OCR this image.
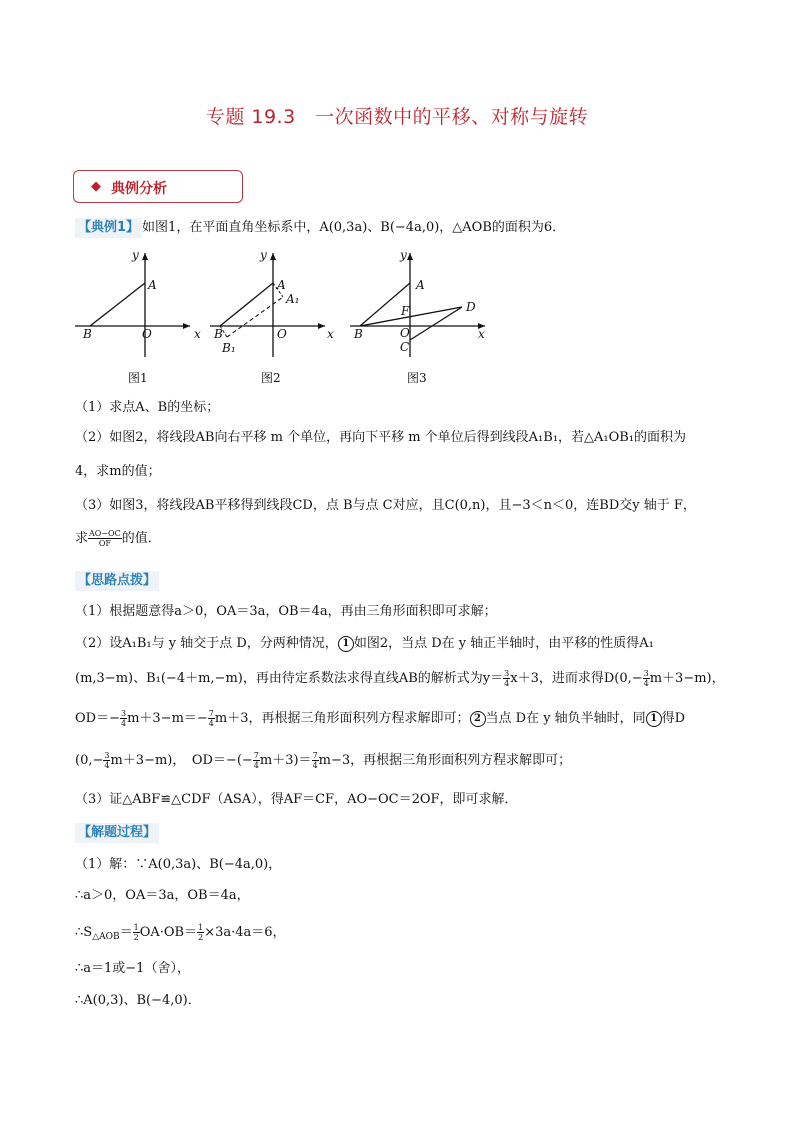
专题 19.3　一次函数中的平移、对称与旋转
◆ 典例分析
【典例1】 如图1，在平面直角坐标系中，A(0,3a)、B(−4a,0)，△AOB的面积为6．
y
x
A
B	O
图1
y
x
A
A₁
B
B₁
O
图2
y
x
A
F	D
B	O
C
图3
（1）求点A、B的坐标；
（2）如图2，将线段AB向右平移 m 个单位，再向下平移 m 个单位后得到线段A₁B₁，若△A₁OB₁的面积为
4，求m的值；
（3）如图3，将线段AB平移得到线段CD，点 B与点 C对应，且C(0,n)，且−3＜n＜0，连BD交y 轴于 F，
求 $\frac{AO-OC}{OF}$ 的值．
【思路点拨】
（1）根据题意得a＞0，OA＝3a，OB＝4a，再由三角形面积即可求解；
（2）设A₁B₁与 y 轴交于点 D，分两种情况， 1 如图2，当点 D在 y 轴正半轴时，由平移的性质得A₁
(m,3−m)、B₁(−4＋m,−m)，再由待定系数法求得直线AB的解析式为$y= \frac{3}{4} x+3$，进而求得$D(0,- \frac{3}{4} m+3-m)$，
$OD=- \frac{3}{4} m+3-m=- \frac{7}{4} m+3$，再根据三角形面积列方程求解即可； 2 当点 D在 y 轴负半轴时，同 1 得D
$(0,- \frac{3}{4} m+3-m)$，　$OD=-(- \frac{7}{4} m+3)= \frac{7}{4} m-3$，再根据三角形面积列方程求解即可；
（3）证△ABF≌△CDF（ASA），得AF＝CF，AO−OC＝2OF，即可求解．
【解题过程】
（1）解：∵A(0,3a)、B(−4a,0)，
∴a＞0，OA＝3a，OB＝4a，
$\therefore S_{\triangle AOB}= \frac{1}{2} OA\cdot OB= \frac{1}{2} \times 3a\cdot 4a=6$，
∴a＝1或−1（舍），
∴A(0,3)、B(−4,0)．
